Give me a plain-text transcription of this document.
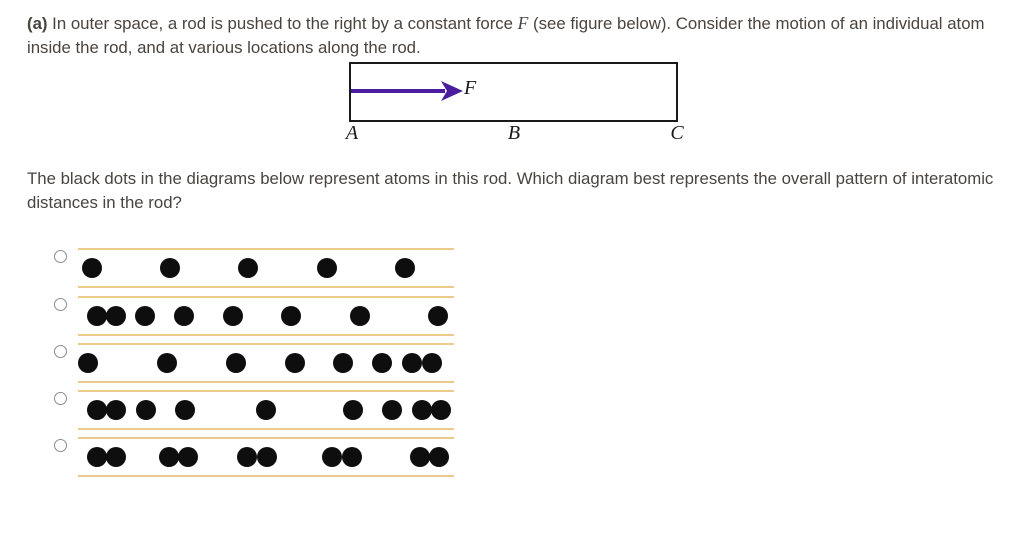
(a) In outer space, a rod is pushed to the right by a constant force F (see figure below). Consider the motion of an individual atom inside the rod, and at various locations along the rod.

F
A	B	C

The black dots in the diagrams below represent atoms in this rod. Which diagram best represents the overall pattern of interatomic distances in the rod?
